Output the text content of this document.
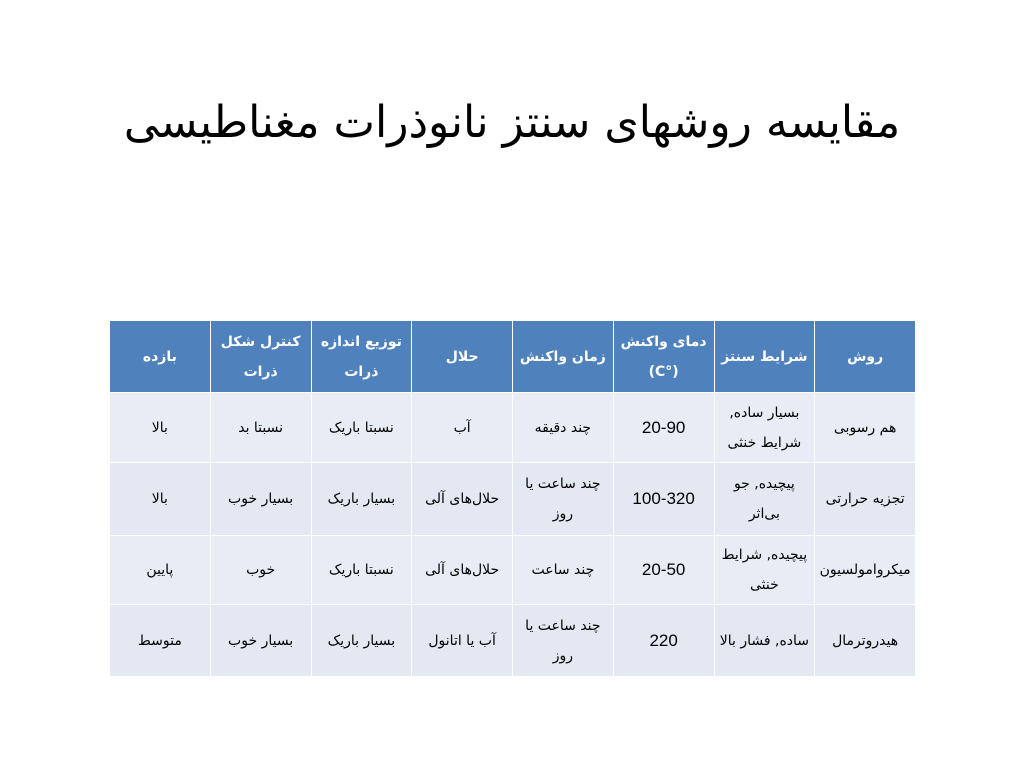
مقایسه روشهای سنتز نانوذرات مغناطیسی
روش	شرایط سنتز	دمای واکنش (°C)	زمان واکنش	حلال	توزیع اندازه ذرات	کنترل شکل ذرات	بازده
هم رسوبی	بسیار ساده, شرایط خنثی	20-90	چند دقیقه	آب	نسبتا باریک	نسبتا بد	بالا
تجزیه حرارتی	پیچیده, جو بی‌اثر	100-320	چند ساعت یا روز	حلال‌های آلی	بسیار باریک	بسیار خوب	بالا
میکروامولسیون	پیچیده, شرایط خنثی	20-50	چند ساعت	حلال‌های آلی	نسبتا باریک	خوب	پایین
هیدروترمال	ساده, فشار بالا	220	چند ساعت یا روز	آب یا اتانول	بسیار باریک	بسیار خوب	متوسط
